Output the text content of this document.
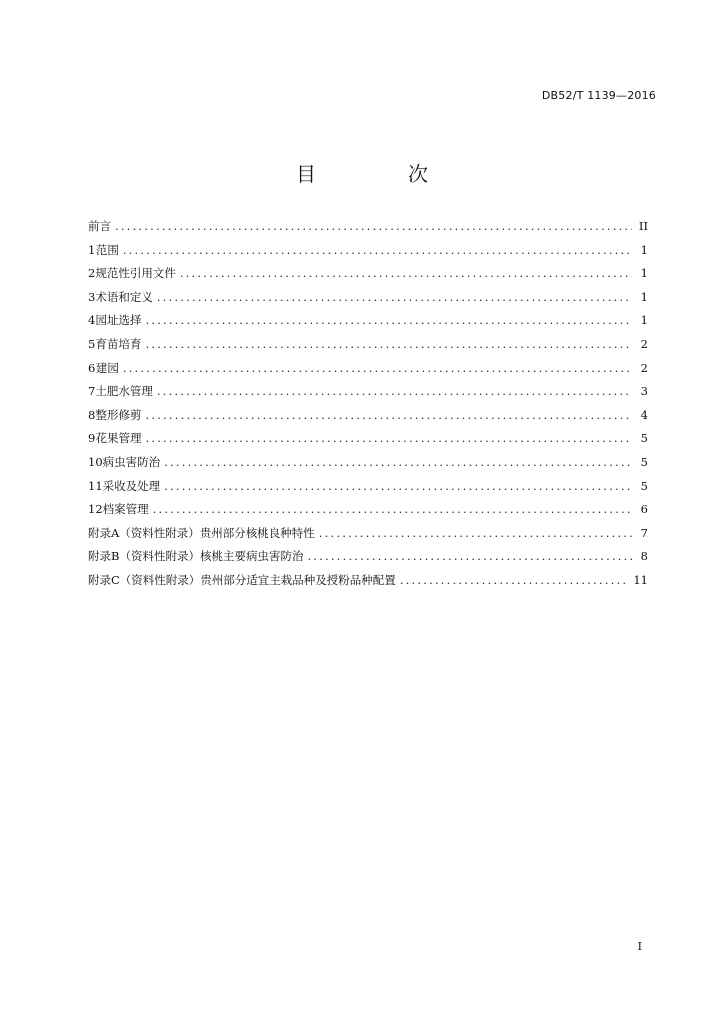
DB52/T 1139—2016
目　次
前言 .....	II
1 范围 .....	1
2 规范性引用文件 .....	1
3 术语和定义 .....	1
4 园址选择 .....	1
5 育苗培育 .....	2
6 建园 .....	2
7 土肥水管理 .....	3
8 整形修剪 .....	4
9 花果管理 .....	5
10 病虫害防治 .....	5
11 采收及处理 .....	5
12 档案管理 .....	6
附录A（资料性附录） 贵州部分核桃良种特性 .....	7
附录B（资料性附录） 核桃主要病虫害防治 .....	8
附录C（资料性附录） 贵州部分适宜主栽品种及授粉品种配置 .....	11
I
